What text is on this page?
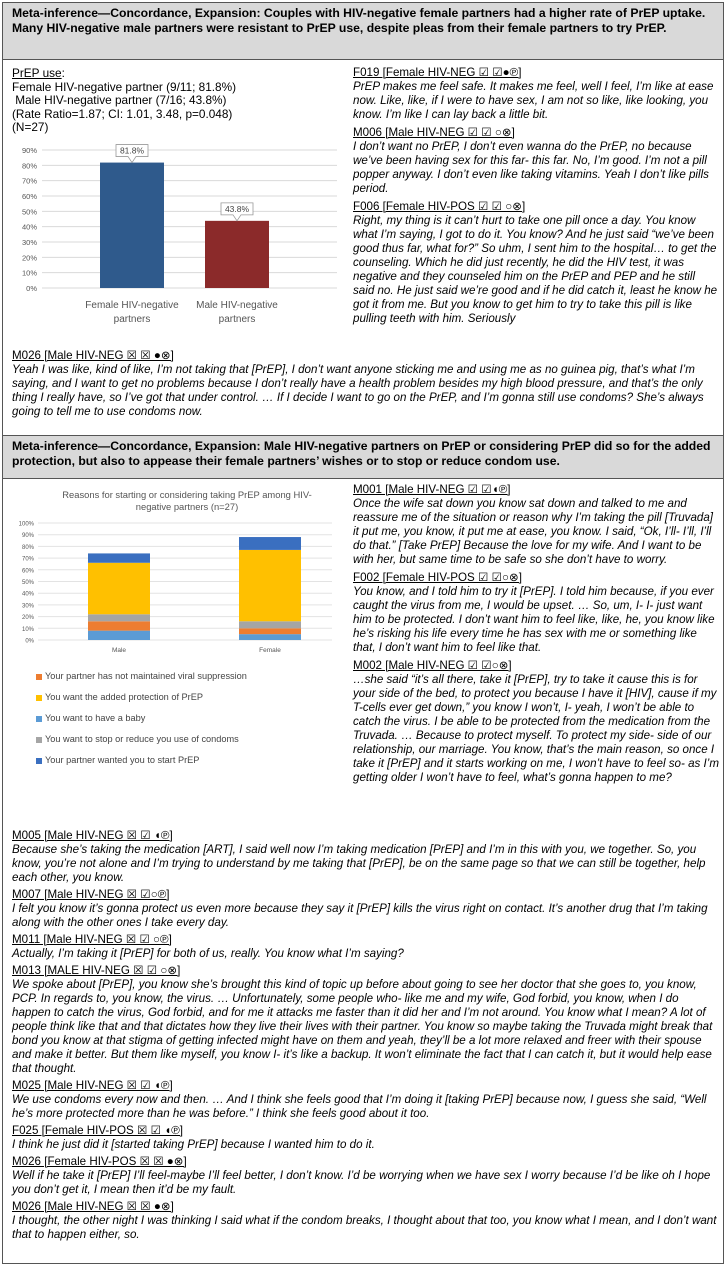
Meta-inference—Concordance, Expansion: Couples with HIV-negative female partners had a higher rate of PrEP uptake. Many HIV-negative male partners were resistant to PrEP use, despite pleas from their female partners to try PrEP.
PrEP use:
Female HIV-negative partner (9/11; 81.8%)
Male HIV-negative partner (7/16; 43.8%)
(Rate Ratio=1.87; CI: 1.01, 3.48, p=0.048)
(N=27)
0%
10%
20%
30%
40%
50%
60%
70%
80%
90%	81.8%
43.8%
Female HIV-negative partners
Male HIV-negative partners
F019 [Female HIV-NEG ☑ ☑●℗]
PrEP makes me feel safe. It makes me feel, well I feel, I’m like at ease now. Like, like, if I were to have sex, I am not so like, like looking, you know. I’m like I can lay back a little bit.
M006 [Male HIV-NEG ☑ ☑ ○⊗]
I don’t want no PrEP, I don’t even wanna do the PrEP, no because we’ve been having sex for this far- this far. No, I’m good. I’m not a pill popper anyway. I don’t even like taking vitamins. Yeah I don’t like pills period.
F006 [Female HIV-POS ☑ ☑ ○⊗]
Right, my thing is it can’t hurt to take one pill once a day. You know what I’m saying, I got to do it. You know? And he just said “we’ve been good thus far, what for?” So uhm, I sent him to the hospital… to get the counseling. Which he did just recently, he did the HIV test, it was negative and they counseled him on the PrEP and PEP and he still said no. He just said we’re good and if he did catch it, least he know he got it from me. But you know to get him to try to take this pill is like pulling teeth with him. Seriously
M026 [Male HIV-NEG ☒ ☒ ●⊗]
Yeah I was like, kind of like, I’m not taking that [PrEP], I don’t want anyone sticking me and using me as no guinea pig, that’s what I’m saying, and I want to get no problems because I don’t really have a health problem besides my high blood pressure, and that’s the only thing I really have, so I’ve got that under control. … If I decide I want to go on the PrEP, and I’m gonna still use condoms? She’s always going to tell me to use condoms now.
Meta-inference—Concordance, Expansion: Male HIV-negative partners on PrEP or considering PrEP did so for the added protection, but also to appease their female partners’ wishes or to stop or reduce condom use.
Reasons for starting or considering taking PrEP among HIV-negative partners (n=27)
0%
10%
20%
30%
40%
50%
60%
70%
80%
90%
100%
Male	Female
Your partner has not maintained viral suppression
You want the added protection of PrEP
You want to have a baby
You want to stop or reduce you use of condoms
Your partner wanted you to start PrEP
M001 [Male HIV-NEG ☑ ☑◖℗]
Once the wife sat down you know sat down and talked to me and reassure me of the situation or reason why I’m taking the pill [Truvada] it put me, you know, it put me at ease, you know. I said, “Ok, I’ll- I’ll, I’ll do that.” [Take PrEP] Because the love for my wife. And I want to be with her, but same time to be safe so she don’t have to worry.
F002 [Female HIV-POS ☑ ☑○⊗]
You know, and I told him to try it [PrEP]. I told him because, if you ever caught the virus from me, I would be upset. … So, um, I- I- just want him to be protected. I don’t want him to feel like, like, he, you know like he’s risking his life every time he has sex with me or something like that, I don’t want him to feel like that.
M002 [Male HIV-NEG ☑ ☑○⊗]
…she said “it’s all there, take it [PrEP], try to take it cause this is for your side of the bed, to protect you because I have it [HIV], cause if my T-cells ever get down,” you know I won’t, I- yeah, I won’t be able to catch the virus. I be able to be protected from the medication from the Truvada. … Because to protect myself. To protect my side- side of our relationship, our marriage. You know, that’s the main reason, so once I take it [PrEP] and it starts working on me, I won’t have to feel so- as I’m getting older I won’t have to feel, what’s gonna happen to me?
M005 [Male HIV-NEG ☒ ☑ ◖℗]
Because she’s taking the medication [ART], I said well now I’m taking medication [PrEP] and I’m in this with you, we together. So, you know, you’re not alone and I’m trying to understand by me taking that [PrEP], be on the same page so that we can still be together, help each other, you know.
M007 [Male HIV-NEG ☒ ☑○℗]
I felt you know it’s gonna protect us even more because they say it [PrEP] kills the virus right on contact. It’s another drug that I’m taking along with the other ones I take every day.
M011 [Male HIV-NEG ☒ ☑ ○℗]
Actually, I’m taking it [PrEP] for both of us, really. You know what I’m saying?
M013 [MALE HIV-NEG ☒ ☑ ○⊗]
We spoke about [PrEP], you know she’s brought this kind of topic up before about going to see her doctor that she goes to, you know, PCP. In regards to, you know, the virus. … Unfortunately, some people who- like me and my wife, God forbid, you know, when I do happen to catch the virus, God forbid, and for me it attacks me faster than it did her and I’m not around. You know what I mean? A lot of people think like that and that dictates how they live their lives with their partner. You know so maybe taking the Truvada might break that bond you know at that stigma of getting infected might have on them and yeah, they’ll be a lot more relaxed and freer with their spouse and make it better. But them like myself, you know I- it’s like a backup. It won’t eliminate the fact that I can catch it, but it would help ease that thought.
M025 [Male HIV-NEG ☒ ☑ ◖℗]
We use condoms every now and then. … And I think she feels good that I’m doing it [taking PrEP] because now, I guess she said, “Well he’s more protected more than he was before.” I think she feels good about it too.
F025 [Female HIV-POS ☒ ☑ ◖℗]
I think he just did it [started taking PrEP] because I wanted him to do it.
M026 [Female HIV-POS ☒ ☒ ●⊗]
Well if he take it [PrEP] I’ll feel-maybe I’ll feel better, I don’t know. I’d be worrying when we have sex I worry because I’d be like oh I hope you don’t get it, I mean then it’d be my fault.
M026 [Male HIV-NEG ☒ ☒ ●⊗]
I thought, the other night I was thinking I said what if the condom breaks, I thought about that too, you know what I mean, and I don’t want that to happen either, so.
